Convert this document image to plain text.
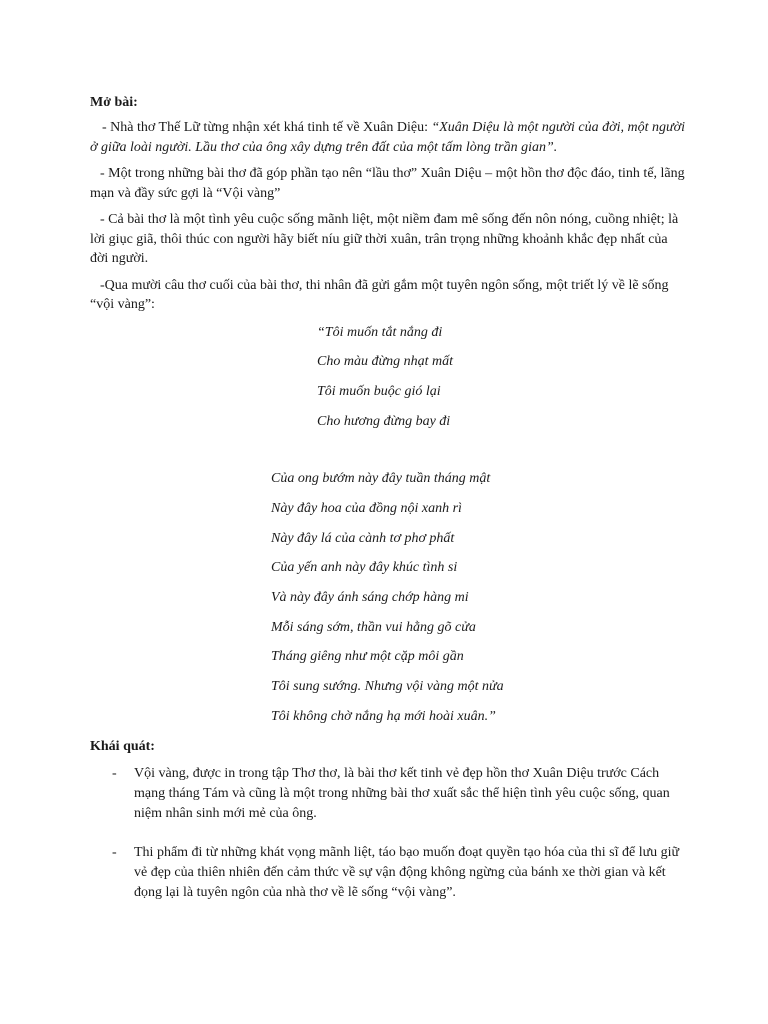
Mở bài:

- Nhà thơ Thế Lữ từng nhận xét khá tinh tế về Xuân Diệu: “Xuân Diệu là một người của đời, một người ở giữa loài người. Lầu thơ của ông xây dựng trên đất của một tấm lòng trần gian”.

- Một trong những bài thơ đã góp phần tạo nên “lầu thơ” Xuân Diệu – một hồn thơ độc đáo, tinh tế, lãng mạn và đầy sức gợi là “Vội vàng”

- Cả bài thơ là một tình yêu cuộc sống mãnh liệt, một niềm đam mê sống đến nôn nóng, cuồng nhiệt; là lời giục giã, thôi thúc con người hãy biết níu giữ thời xuân, trân trọng những khoảnh khắc đẹp nhất của đời người.

-Qua mười câu thơ cuối của bài thơ, thi nhân đã gửi gắm một tuyên ngôn sống, một triết lý về lẽ sống “vội vàng”:

“Tôi muốn tắt nắng đi
Cho màu đừng nhạt mất
Tôi muốn buộc gió lại
Cho hương đừng bay đi
Của ong bướm này đây tuần tháng mật
Này đây hoa của đồng nội xanh rì
Này đây lá của cành tơ phơ phất
Của yến anh này đây khúc tình si
Và này đây ánh sáng chớp hàng mi
Mỗi sáng sớm, thần vui hằng gõ cửa
Tháng giêng như một cặp môi gần
Tôi sung sướng. Nhưng vội vàng một nửa
Tôi không chờ nắng hạ mới hoài xuân.”
Khái quát:
- Vội vàng, được in trong tập Thơ thơ, là bài thơ kết tinh vẻ đẹp hồn thơ Xuân Diệu trước Cách mạng tháng Tám và cũng là một trong những bài thơ xuất sắc thể hiện tình yêu cuộc sống, quan niệm nhân sinh mới mẻ của ông.
- Thi phẩm đi từ những khát vọng mãnh liệt, táo bạo muốn đoạt quyền tạo hóa của thi sĩ để lưu giữ vẻ đẹp của thiên nhiên đến cảm thức về sự vận động không ngừng của bánh xe thời gian và kết đọng lại là tuyên ngôn của nhà thơ về lẽ sống “vội vàng”.
